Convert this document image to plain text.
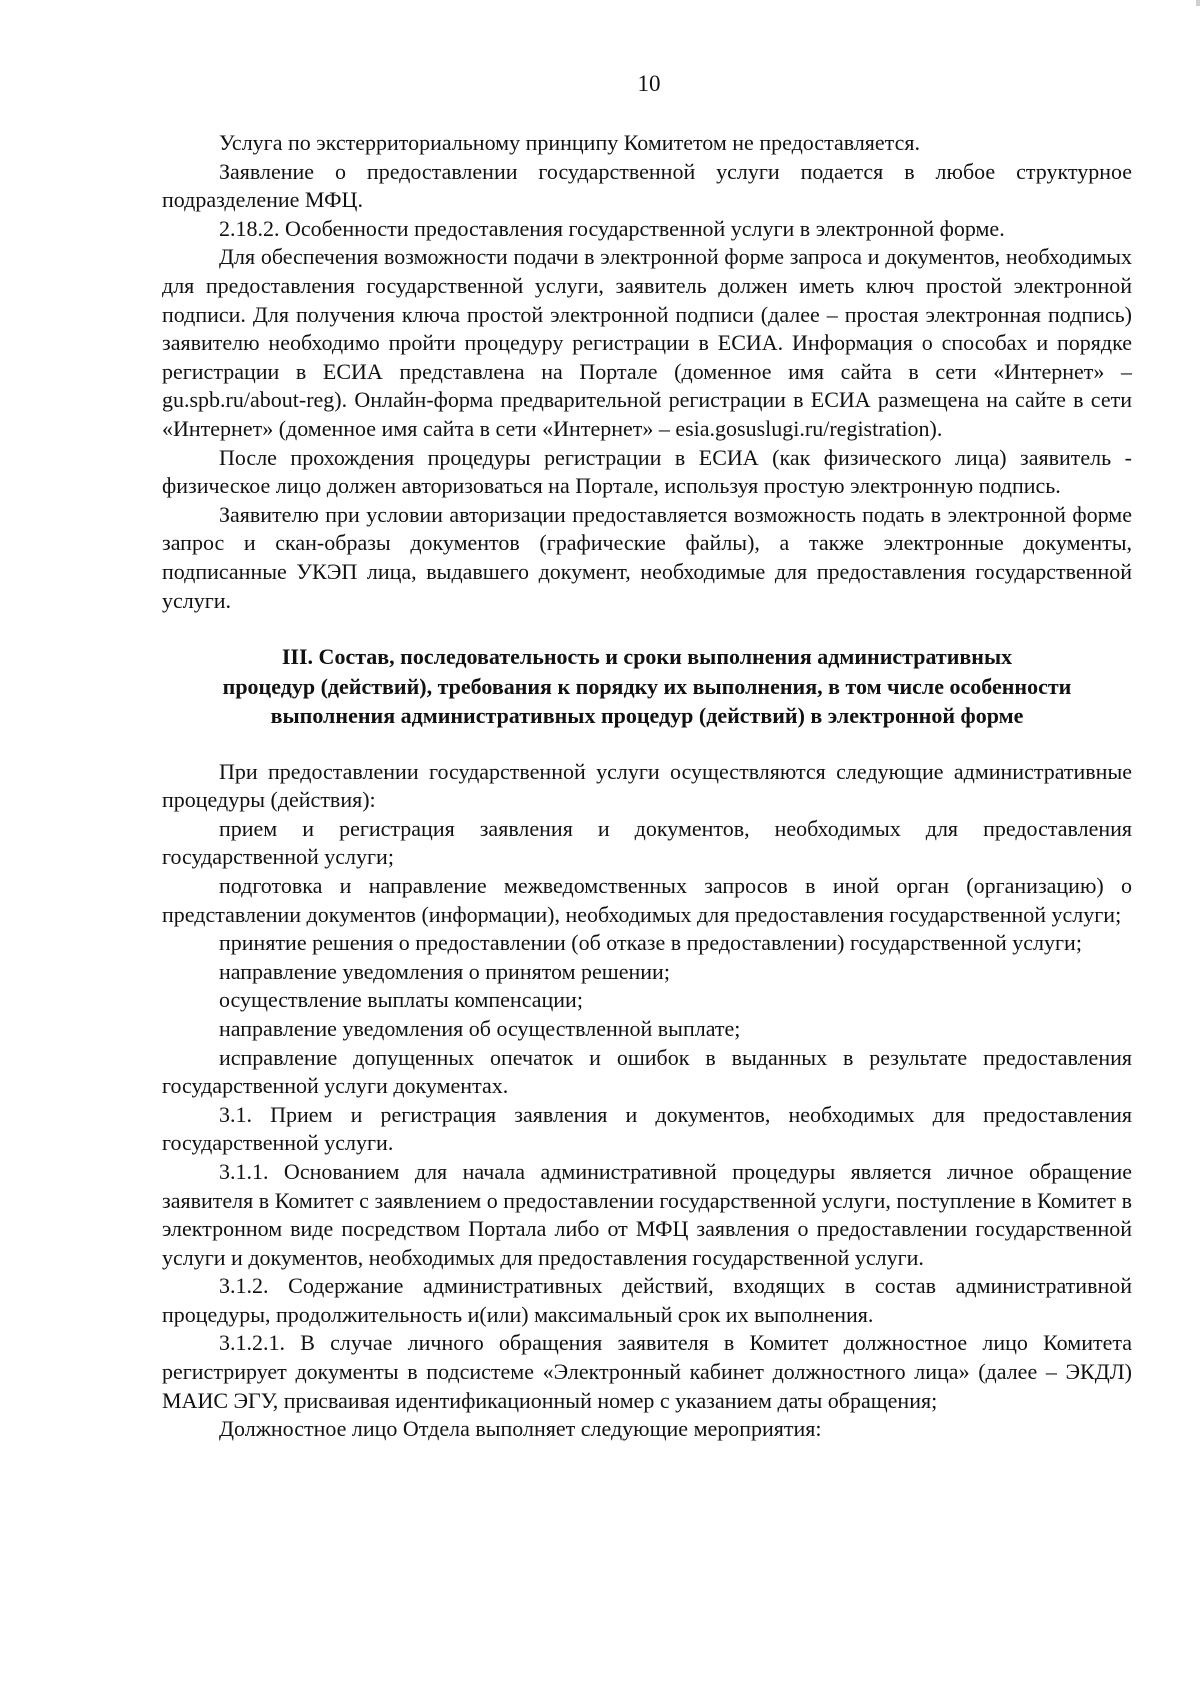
10

Услуга по экстерриториальному принципу Комитетом не предоставляется.

Заявление о предоставлении государственной услуги подается в любое структурное подразделение МФЦ.

2.18.2. Особенности предоставления государственной услуги в электронной форме.

Для обеспечения возможности подачи в электронной форме запроса и документов, необходимых для предоставления государственной услуги, заявитель должен иметь ключ простой электронной подписи. Для получения ключа простой электронной подписи (далее – простая электронная подпись) заявителю необходимо пройти процедуру регистрации в ЕСИА. Информация о способах и порядке регистрации в ЕСИА представлена на Портале (доменное имя сайта в сети «Интернет» – gu.spb.ru/about-reg). Онлайн-форма предварительной регистрации в ЕСИА размещена на сайте в сети «Интернет» (доменное имя сайта в сети «Интернет» – esia.gosuslugi.ru/registration).

После прохождения процедуры регистрации в ЕСИА (как физического лица) заявитель - физическое лицо должен авторизоваться на Портале, используя простую электронную подпись.

Заявителю при условии авторизации предоставляется возможность подать в электронной форме запрос и скан-образы документов (графические файлы), а также электронные документы, подписанные УКЭП лица, выдавшего документ, необходимые для предоставления государственной услуги.

III. Состав, последовательность и сроки выполнения административных
процедур (действий), требования к порядку их выполнения, в том числе особенности
выполнения административных процедур (действий) в электронной форме

При предоставлении государственной услуги осуществляются следующие административные процедуры (действия):

прием и регистрация заявления и документов, необходимых для предоставления государственной услуги;

подготовка и направление межведомственных запросов в иной орган (организацию) о представлении документов (информации), необходимых для предоставления государственной услуги;

принятие решения о предоставлении (об отказе в предоставлении) государственной услуги;

направление уведомления о принятом решении;

осуществление выплаты компенсации;

направление уведомления об осуществленной выплате;

исправление допущенных опечаток и ошибок в выданных в результате предоставления государственной услуги документах.

3.1. Прием и регистрация заявления и документов, необходимых для предоставления государственной услуги.

3.1.1. Основанием для начала административной процедуры является личное обращение заявителя в Комитет с заявлением о предоставлении государственной услуги, поступление в Комитет в электронном виде посредством Портала либо от МФЦ заявления о предоставлении государственной услуги и документов, необходимых для предоставления государственной услуги.

3.1.2. Содержание административных действий, входящих в состав административной процедуры, продолжительность и(или) максимальный срок их выполнения.

3.1.2.1. В случае личного обращения заявителя в Комитет должностное лицо Комитета регистрирует документы в подсистеме «Электронный кабинет должностного лица» (далее – ЭКДЛ) МАИС ЭГУ, присваивая идентификационный номер с указанием даты обращения;

Должностное лицо Отдела выполняет следующие мероприятия:
